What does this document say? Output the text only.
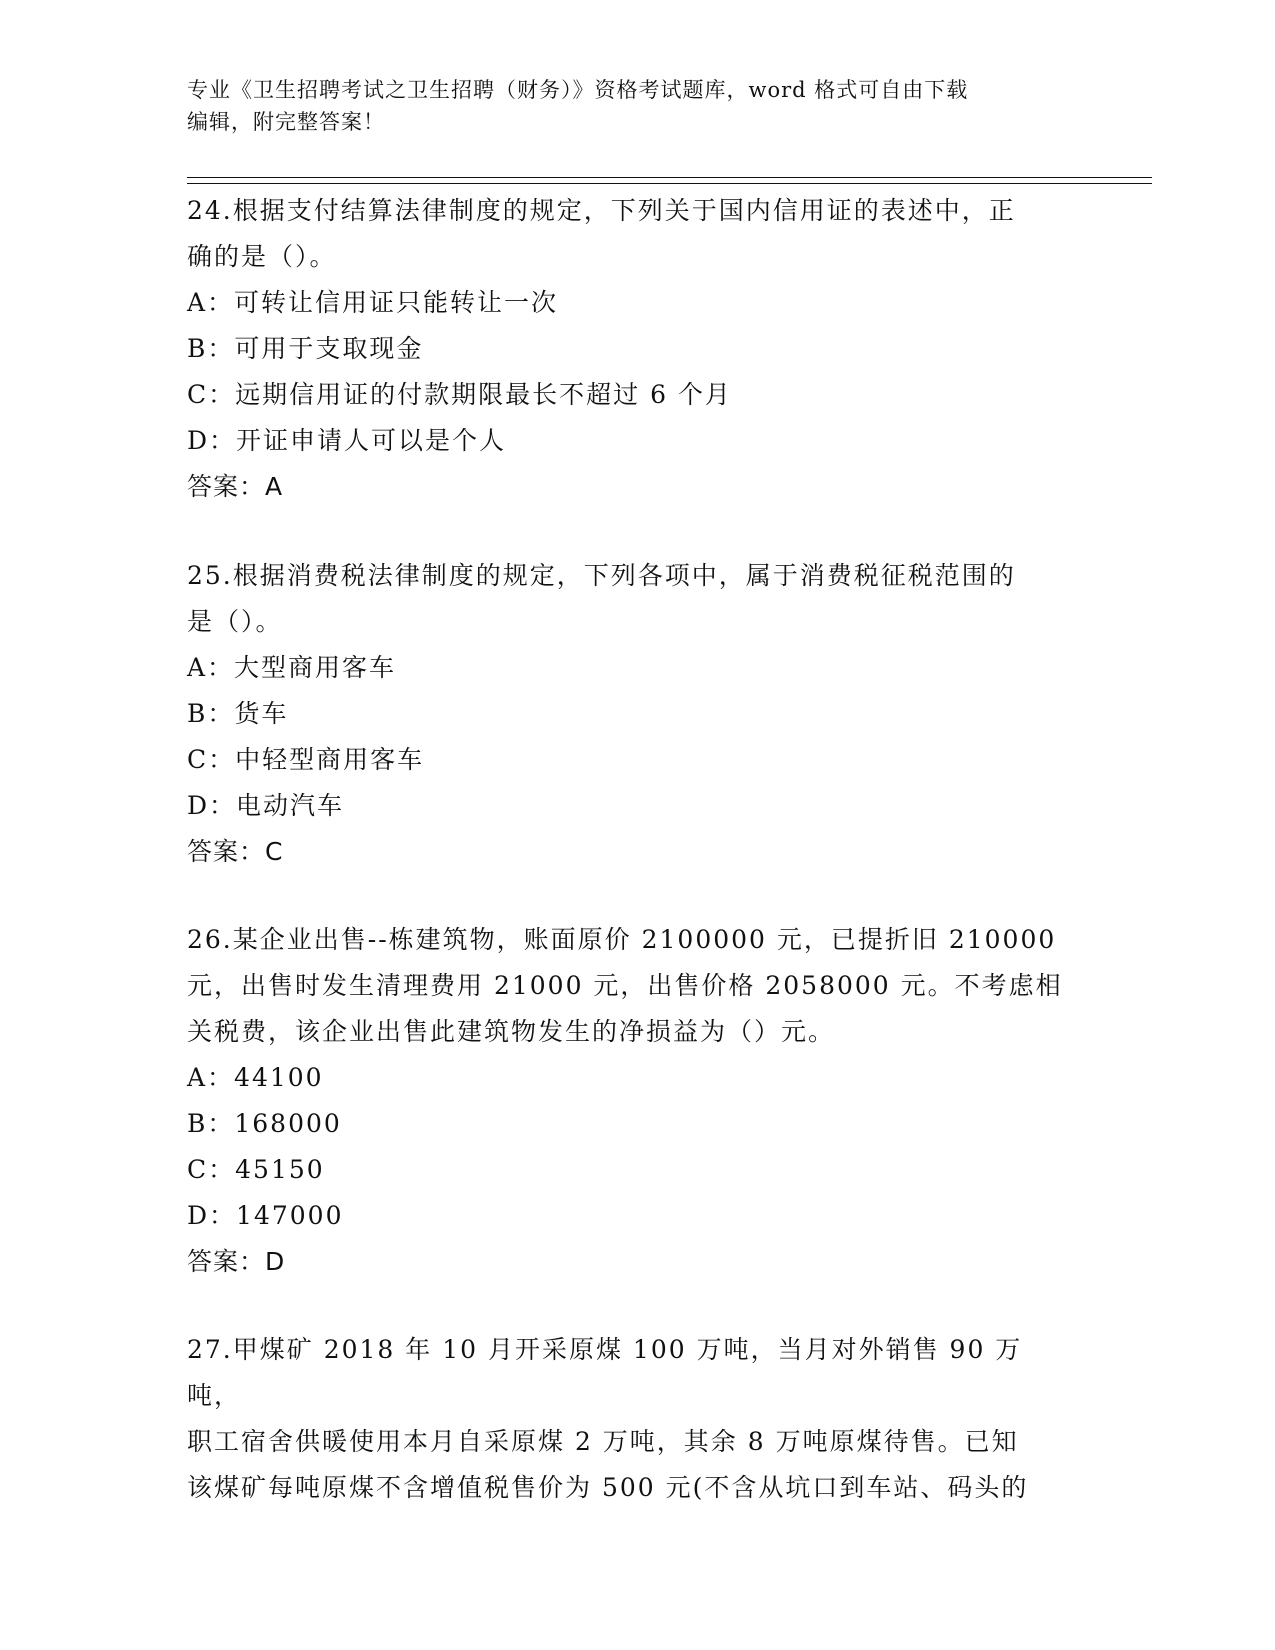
专业《卫生招聘考试之卫生招聘（财务）》资格考试题库，word 格式可自由下载
编辑，附完整答案！

24.根据支付结算法律制度的规定，下列关于国内信用证的表述中，正

确的是（）。

A：可转让信用证只能转让一次

B：可用于支取现金

C：远期信用证的付款期限最长不超过 6 个月

D：开证申请人可以是个人

答案：A

25.根据消费税法律制度的规定，下列各项中，属于消费税征税范围的

是（）。

A：大型商用客车

B：货车

C：中轻型商用客车

D：电动汽车

答案：C

26.某企业出售--栋建筑物，账面原价 2100000 元，已提折旧 210000

元，出售时发生清理费用 21000 元，出售价格 2058000 元。不考虑相

关税费，该企业出售此建筑物发生的净损益为（）元。

A：44100

B：168000

C：45150

D：147000

答案：D

27.甲煤矿 2018 年 10 月开采原煤 100 万吨，当月对外销售 90 万吨，

职工宿舍供暖使用本月自采原煤 2 万吨，其余 8 万吨原煤待售。已知

该煤矿每吨原煤不含增值税售价为 500 元(不含从坑口到车站、码头的
